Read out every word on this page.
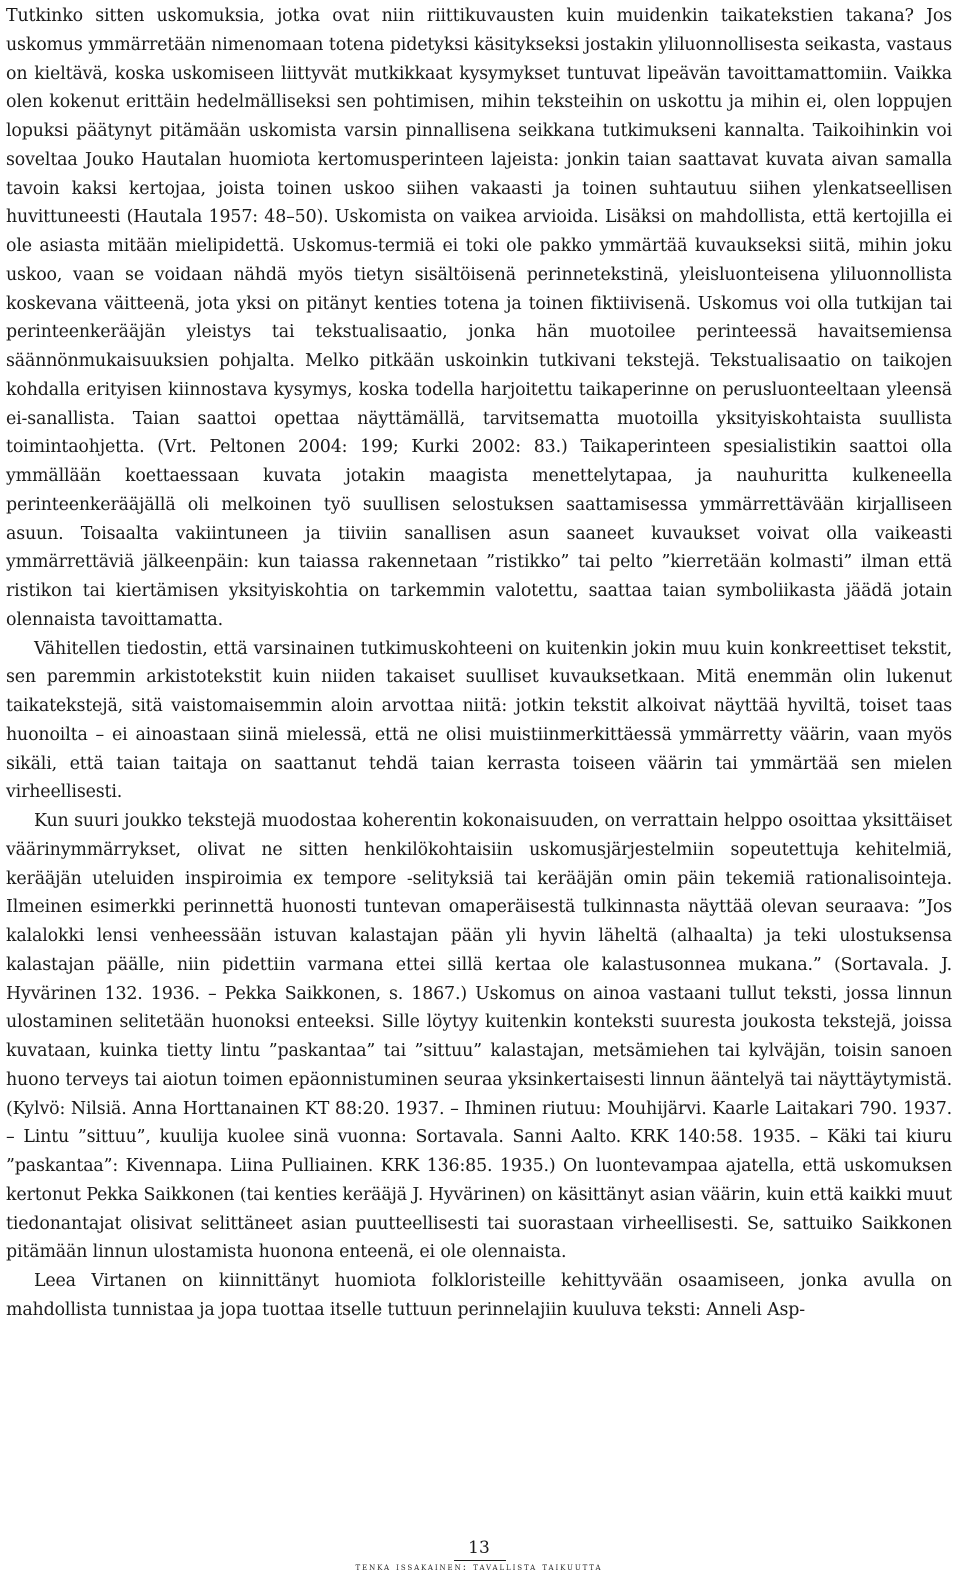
Tutkinko sitten uskomuksia, jotka ovat niin riittikuvausten kuin muidenkin taikatekstien takana? Jos uskomus ymmärretään nimenomaan totena pidetyksi käsitykseksi jostakin yliluonnollisesta seikasta, vastaus on kieltävä, koska uskomiseen liittyvät mutkikkaat kysymykset tuntuvat lipeävän tavoittamattomiin. Vaikka olen kokenut erittäin hedelmälliseksi sen pohtimisen, mihin teksteihin on uskottu ja mihin ei, olen loppujen lopuksi päätynyt pitämään uskomista varsin pinnallisena seikkana tutkimukseni kannalta. Taikoihinkin voi soveltaa Jouko Hautalan huomiota kertomusperinteen lajeista: jonkin taian saattavat kuvata aivan samalla tavoin kaksi kertojaa, joista toinen uskoo siihen vakaasti ja toinen suhtautuu siihen ylenkatseellisen huvittuneesti (Hautala 1957: 48–50). Uskomista on vaikea arvioida. Lisäksi on mahdollista, että kertojilla ei ole asiasta mitään mielipidettä. Uskomus-termiä ei toki ole pakko ymmärtää kuvaukseksi siitä, mihin joku uskoo, vaan se voidaan nähdä myös tietyn sisältöisenä perinnetekstinä, yleisluonteisena yliluonnollista koskevana väitteenä, jota yksi on pitänyt kenties totena ja toinen fiktiivisenä. Uskomus voi olla tutkijan tai perinteenkerääjän yleistys tai tekstualisaatio, jonka hän muotoilee perinteessä havaitsemiensa säännönmukaisuuksien pohjalta. Melko pitkään uskoinkin tutkivani tekstejä. Tekstualisaatio on taikojen kohdalla erityisen kiinnostava kysymys, koska todella harjoitettu taikaperinne on perusluonteeltaan yleensä ei-sanallista. Taian saattoi opettaa näyttämällä, tarvitsematta muotoilla yksityiskohtaista suullista toimintaohjetta. (Vrt. Peltonen 2004: 199; Kurki 2002: 83.) Taikaperinteen spesialistikin saattoi olla ymmällään koettaessaan kuvata jotakin maagista menettelytapaa, ja nauhuritta kulkeneella perinteenkerääjällä oli melkoinen työ suullisen selostuksen saattamisessa ymmärrettävään kirjalliseen asuun. Toisaalta vakiintuneen ja tiiviin sanallisen asun saaneet kuvaukset voivat olla vaikeasti ymmärrettäviä jälkeenpäin: kun taiassa rakennetaan ”ristikko” tai pelto ”kierretään kolmasti” ilman että ristikon tai kiertämisen yksityiskohtia on tarkemmin valotettu, saattaa taian symboliikasta jäädä jotain olennaista tavoittamatta.

Vähitellen tiedostin, että varsinainen tutkimuskohteeni on kuitenkin jokin muu kuin konkreettiset tekstit, sen paremmin arkistotekstit kuin niiden takaiset suulliset kuvauksetkaan. Mitä enemmän olin lukenut taikatekstejä, sitä vaistomaisemmin aloin arvottaa niitä: jotkin tekstit alkoivat näyttää hyviltä, toiset taas huonoilta – ei ainoastaan siinä mielessä, että ne olisi muistiinmerkittäessä ymmärretty väärin, vaan myös sikäli, että taian taitaja on saattanut tehdä taian kerrasta toiseen väärin tai ymmärtää sen mielen virheellisesti.

Kun suuri joukko tekstejä muodostaa koherentin kokonaisuuden, on verrattain helppo osoittaa yksittäiset väärinymmärrykset, olivat ne sitten henkilökohtaisiin uskomusjärjestelmiin sopeutettuja kehitelmiä, kerääjän uteluiden inspiroimia ex tempore -selityksiä tai kerääjän omin päin tekemiä rationalisointeja. Ilmeinen esimerkki perinnettä huonosti tuntevan omaperäisestä tulkinnasta näyttää olevan seuraava: ”Jos kalalokki lensi venheessään istuvan kalastajan pään yli hyvin läheltä (alhaalta) ja teki ulostuksensa kalastajan päälle, niin pidettiin varmana ettei sillä kertaa ole kalastusonnea mukana.” (Sortavala. J. Hyvärinen 132. 1936. – Pekka Saikkonen, s. 1867.) Uskomus on ainoa vastaani tullut teksti, jossa linnun ulostaminen selitetään huonoksi enteeksi. Sille löytyy kuitenkin konteksti suuresta joukosta tekstejä, joissa kuvataan, kuinka tietty lintu ”paskantaa” tai ”sittuu” kalastajan, metsämiehen tai kylväjän, toisin sanoen huono terveys tai aiotun toimen epäonnistuminen seuraa yksinkertaisesti linnun ääntelyä tai näyttäytymistä. (Kylvö: Nilsiä. Anna Horttanainen KT 88:20. 1937. – Ihminen riutuu: Mouhijärvi. Kaarle Laitakari 790. 1937. – Lintu ”sittuu”, kuulija kuolee sinä vuonna: Sortavala. Sanni Aalto. KRK 140:58. 1935. – Käki tai kiuru ”paskantaa”: Kivennapa. Liina Pulliainen. KRK 136:85. 1935.) On luontevampaa ajatella, että uskomuksen kertonut Pekka Saikkonen (tai kenties kerääjä J. Hyvärinen) on käsittänyt asian väärin, kuin että kaikki muut tiedonantajat olisivat selittäneet asian puutteellisesti tai suorastaan virheellisesti. Se, sattuiko Saikkonen pitämään linnun ulostamista huonona enteenä, ei ole olennaista.

Leea Virtanen on kiinnittänyt huomiota folkloristeille kehittyvään osaamiseen, jonka avulla on mahdollista tunnistaa ja jopa tuottaa itselle tuttuun perinnelajiin kuuluva teksti: Anneli Asp-

13
tenka issakainen: tavallista taikuutta
